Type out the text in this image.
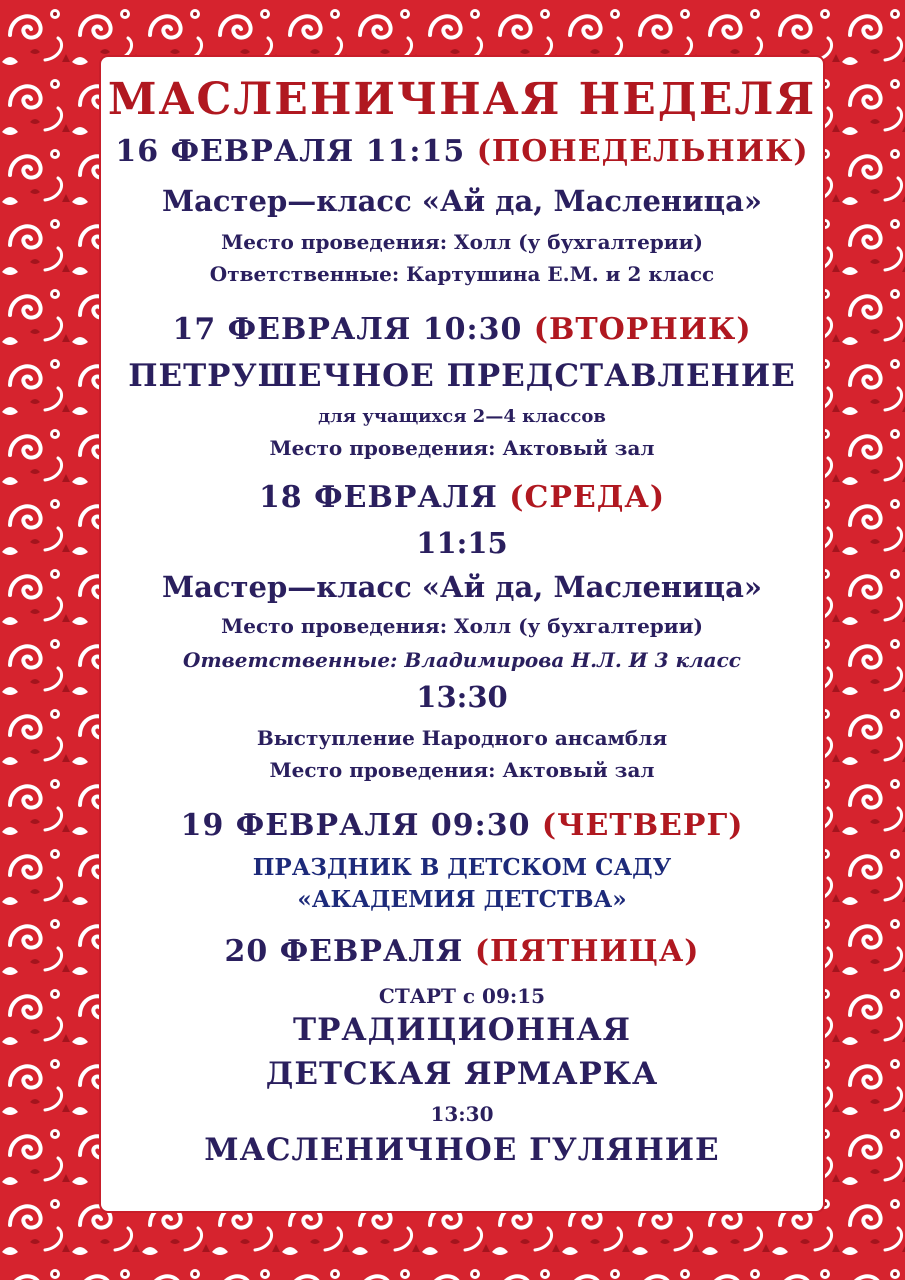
МАСЛЕНИЧНАЯ НЕДЕЛЯ
16 ФЕВРАЛЯ 11:15 (ПОНЕДЕЛЬНИК)
Мастер—класс «Ай да, Масленица»
Место проведения: Холл (у бухгалтерии)
Ответственные: Картушина Е.М. и 2 класс
17 ФЕВРАЛЯ 10:30 (ВТОРНИК)
ПЕТРУШЕЧНОЕ ПРЕДСТАВЛЕНИЕ
для учащихся 2—4 классов
Место проведения: Актовый зал
18 ФЕВРАЛЯ (СРЕДА)
11:15
Мастер—класс «Ай да, Масленица»
Место проведения: Холл (у бухгалтерии)
Ответственные: Владимирова Н.Л. И 3 класс
13:30
Выступление Народного ансамбля
Место проведения: Актовый зал
19 ФЕВРАЛЯ 09:30 (ЧЕТВЕРГ)
ПРАЗДНИК В ДЕТСКОМ САДУ
«АКАДЕМИЯ ДЕТСТВА»
20 ФЕВРАЛЯ (ПЯТНИЦА)
СТАРТ с 09:15
ТРАДИЦИОННАЯ
ДЕТСКАЯ ЯРМАРКА
13:30
МАСЛЕНИЧНОЕ ГУЛЯНИЕ
